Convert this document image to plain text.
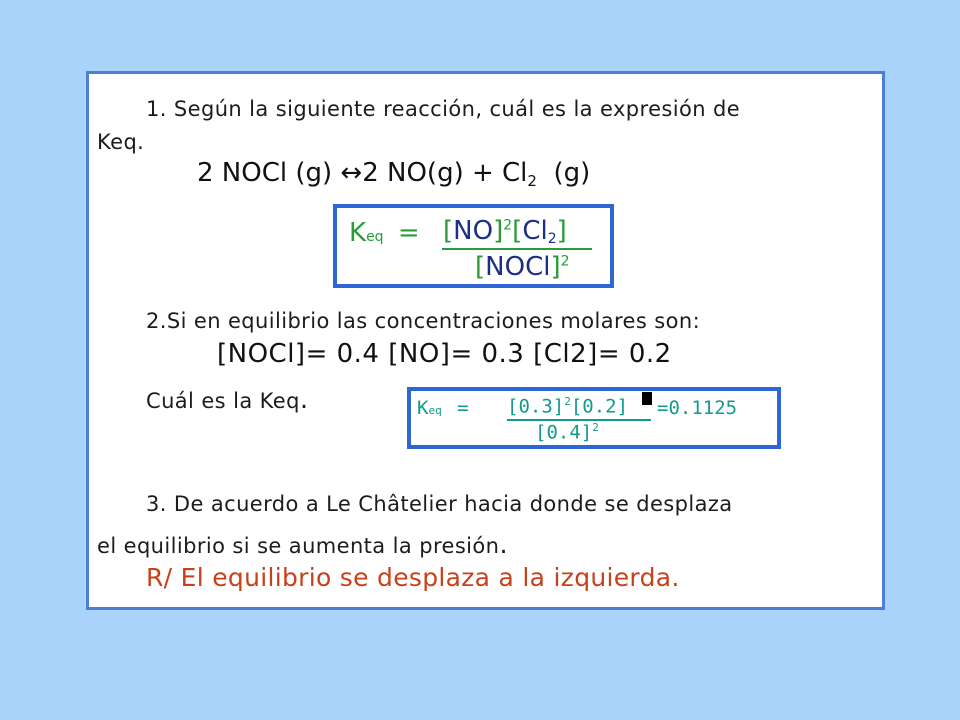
1. Según la siguiente reacción, cuál es la expresión de
Keq.
2 NOCl (g) ↔2 $NO(g) + Cl_2$ (g)
Keq = [NO]$^2$[Cl2]
[NOCl]$^2$
2.Si en equilibrio las concentraciones molares son:
[NOCl]= 0.4 [NO]= 0.3 [Cl2]= 0.2
Cuál es la Keq.	Keq = $[0.3]^2[0.2] =0.1125$
$[0.4]^2$
3. De acuerdo a Le Châtelier hacia donde se desplaza
el equilibrio si se aumenta la presión.
R/ El equilibrio se desplaza a la izquierda.
